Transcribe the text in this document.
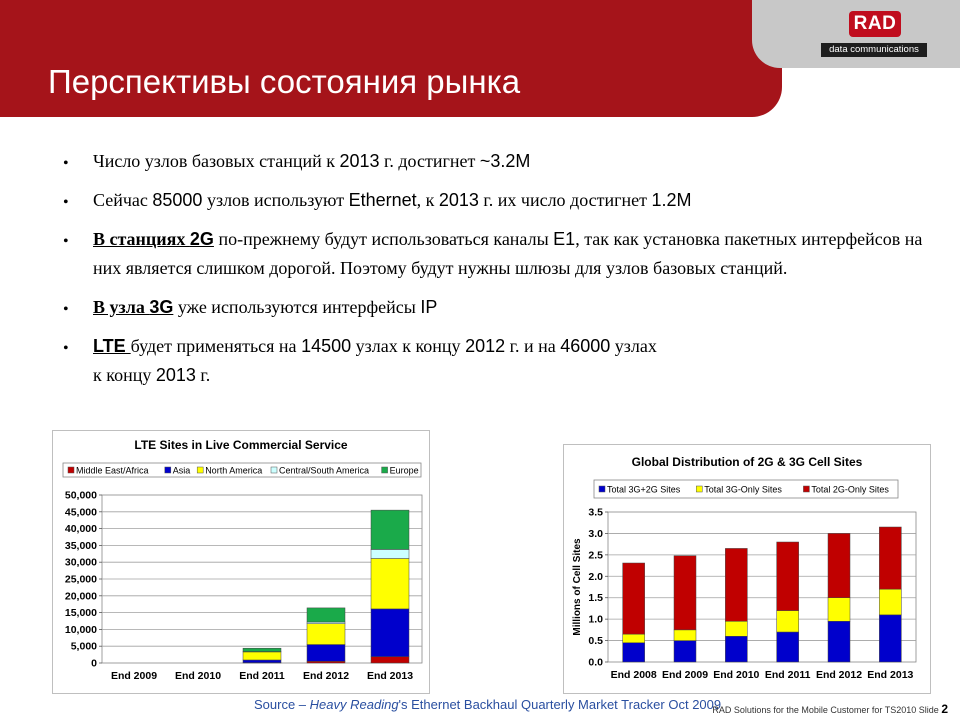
RAD
data communications
Перспективы состояния рынка
• Число узлов базовых станций к 2013 г. достигнет ~3.2M
• Сейчас 85000 узлов используют Ethernet, к 2013 г. их число достигнет 1.2M
• В станциях 2G по-прежнему будут использоваться каналы E1, так как установка пакетных интерфейсов на них является слишком дорогой. Поэтому будут нужны шлюзы для узлов базовых станций.
• В узла 3G уже используются интерфейсы IP
• LTE будет применяться на 14500 узлах к концу 2012 г. и на 46000 узлах
к концу 2013 г.
LTE Sites in Live Commercial Service
Middle East/Africa	Asia North America Central/South America Europe
0
5,000
10,000
15,000
20,000
25,000
30,000
35,000
40,000
45,000
50,000
End 2009 End 2010 End 2011 End 2012 End 2013
Global Distribution of 2G & 3G Cell Sites
Total 3G+2G Sites	Total 3G-Only Sites	Total 2G-Only Sites
0.0
0.5
1.0
1.5
2.0
2.5
3.0
3.5
End 2008 End 2009 End 2010 End 2011 End 2012 End 2013
Millions of Cell Sites
Source – Heavy Reading's Ethernet Backhaul Quarterly Market Tracker Oct 2009
RAD Solutions for the Mobile Customer for TS2010 Slide 2
